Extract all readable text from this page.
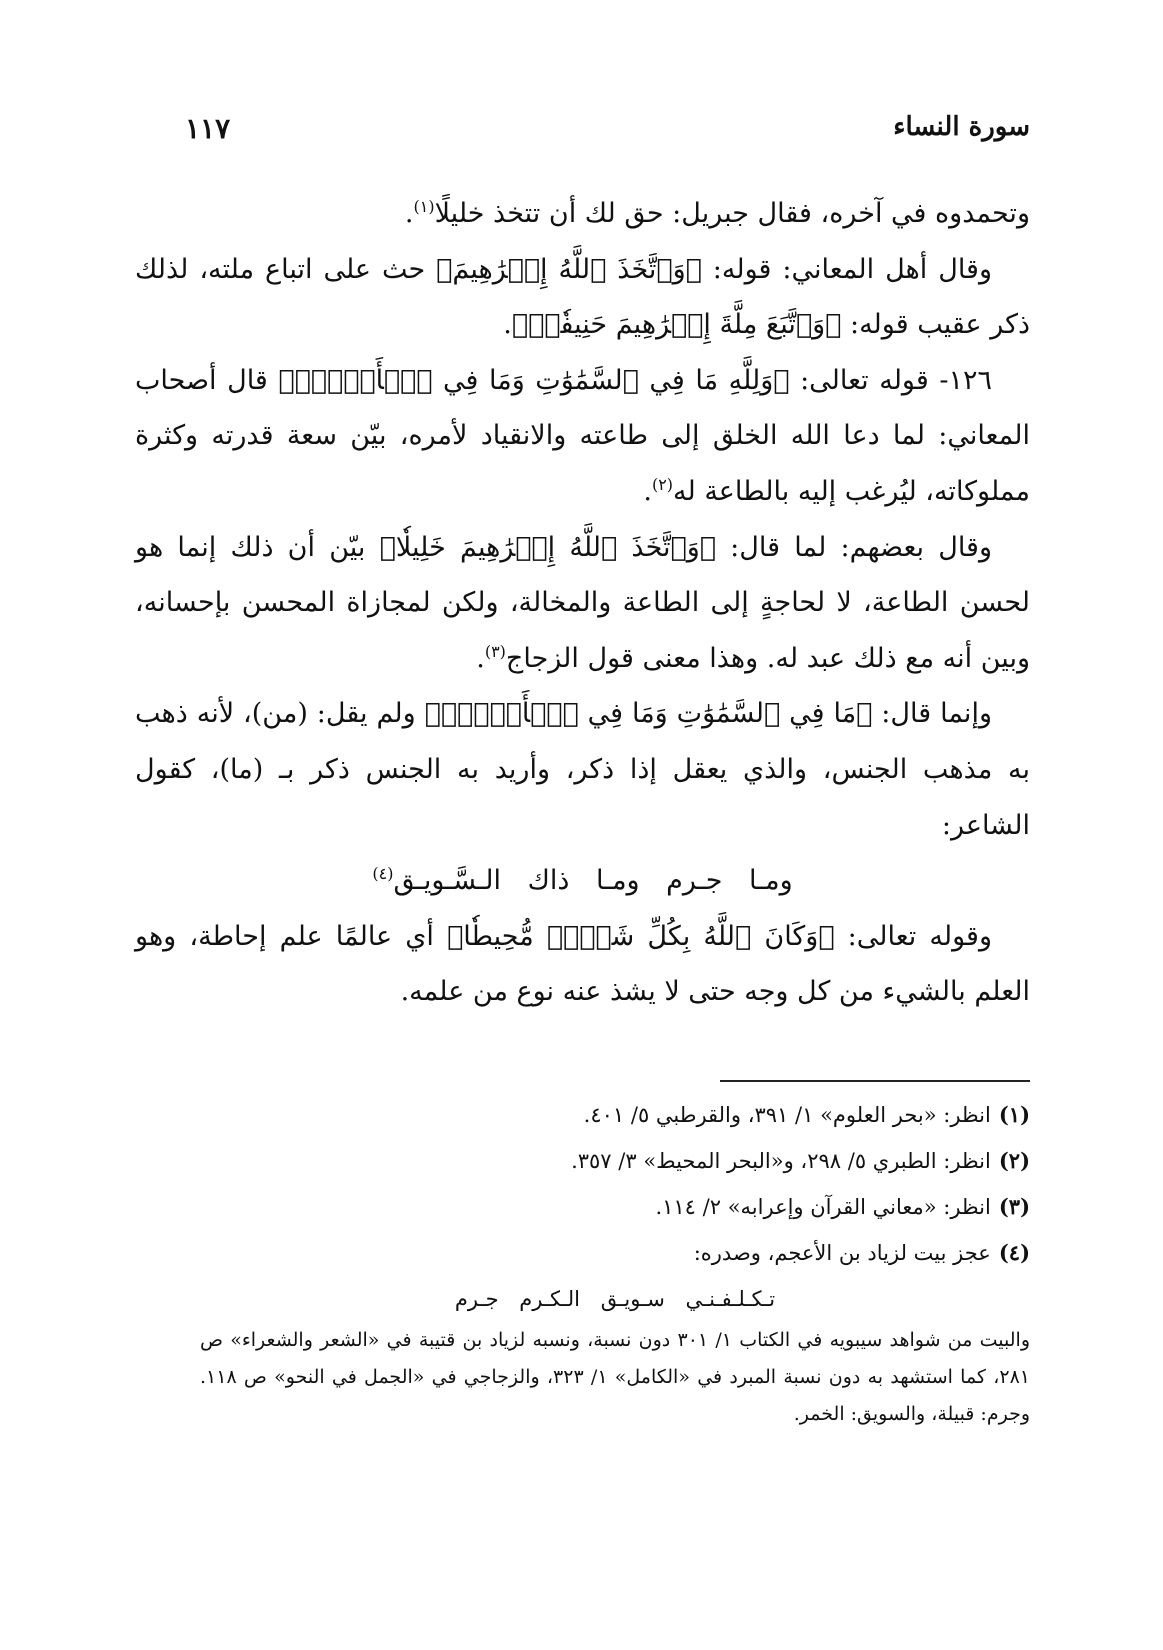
سورة النساء
١١٧

وتحمدوه في آخره، فقال جبريل: حق لك أن تتخذ خليلًا$^{(١)}$.

وقال أهل المعاني: قوله: ﴿وَٱتَّخَذَ ٱللَّهُ إِبۡرَٰهِيمَ﴾ حث على اتباع ملته، لذلك ذكر عقيب قوله: ﴿وَٱتَّبَعَ مِلَّةَ إِبۡرَٰهِيمَ حَنِيفٗاۗ﴾.

١٢٦- قوله تعالى: ﴿وَلِلَّهِ مَا فِي ٱلسَّمَٰوَٰتِ وَمَا فِي ٱلۡأَرۡضِۚ﴾ قال أصحاب المعاني: لما دعا الله الخلق إلى طاعته والانقياد لأمره، بيّن سعة قدرته وكثرة مملوكاته، ليُرغب إليه بالطاعة له$^{(٢)}$.

وقال بعضهم: لما قال: ﴿وَٱتَّخَذَ ٱللَّهُ إِبۡرَٰهِيمَ خَلِيلٗا﴾ بيّن أن ذلك إنما هو لحسن الطاعة، لا لحاجةٍ إلى الطاعة والمخالة، ولكن لمجازاة المحسن بإحسانه، وبين أنه مع ذلك عبد له. وهذا معنى قول الزجاج$^{(٣)}$.

وإنما قال: ﴿مَا فِي ٱلسَّمَٰوَٰتِ وَمَا فِي ٱلۡأَرۡضِۗ﴾ ولم يقل: (من)، لأنه ذهب به مذهب الجنس، والذي يعقل إذا ذكر، وأريد به الجنس ذكر بـ (ما)، كقول الشاعر:

ومـا جـرم ومـا ذاك الـسَّـويـق$^{(٤)}$

وقوله تعالى: ﴿وَكَانَ ٱللَّهُ بِكُلِّ شَيۡءٖ مُّحِيطٗا﴾ أي عالمًا علم إحاطة، وهو العلم بالشيء من كل وجه حتى لا يشذ عنه نوع من علمه.

(١)انظر: «بحر العلوم» ١/ ٣٩١، والقرطبي ٥/ ٤٠١.

(٢)انظر: الطبري ٥/ ٢٩٨، و«البحر المحيط» ٣/ ٣٥٧.

(٣)انظر: «معاني القرآن وإعرابه» ٢/ ١١٤.

(٤)عجز بيت لزياد بن الأعجم، وصدره:

تـكـلـفـنـي سـويـق الـكـرم جـرم

والبيت من شواهد سيبويه في الكتاب ١/ ٣٠١ دون نسبة، ونسبه لزياد بن قتيبة في «الشعر والشعراء» ص ٢٨١، كما استشهد به دون نسبة المبرد في «الكامل» ١/ ٣٢٣، والزجاجي في «الجمل في النحو» ص ١١٨. وجرم: قبيلة، والسويق: الخمر.
